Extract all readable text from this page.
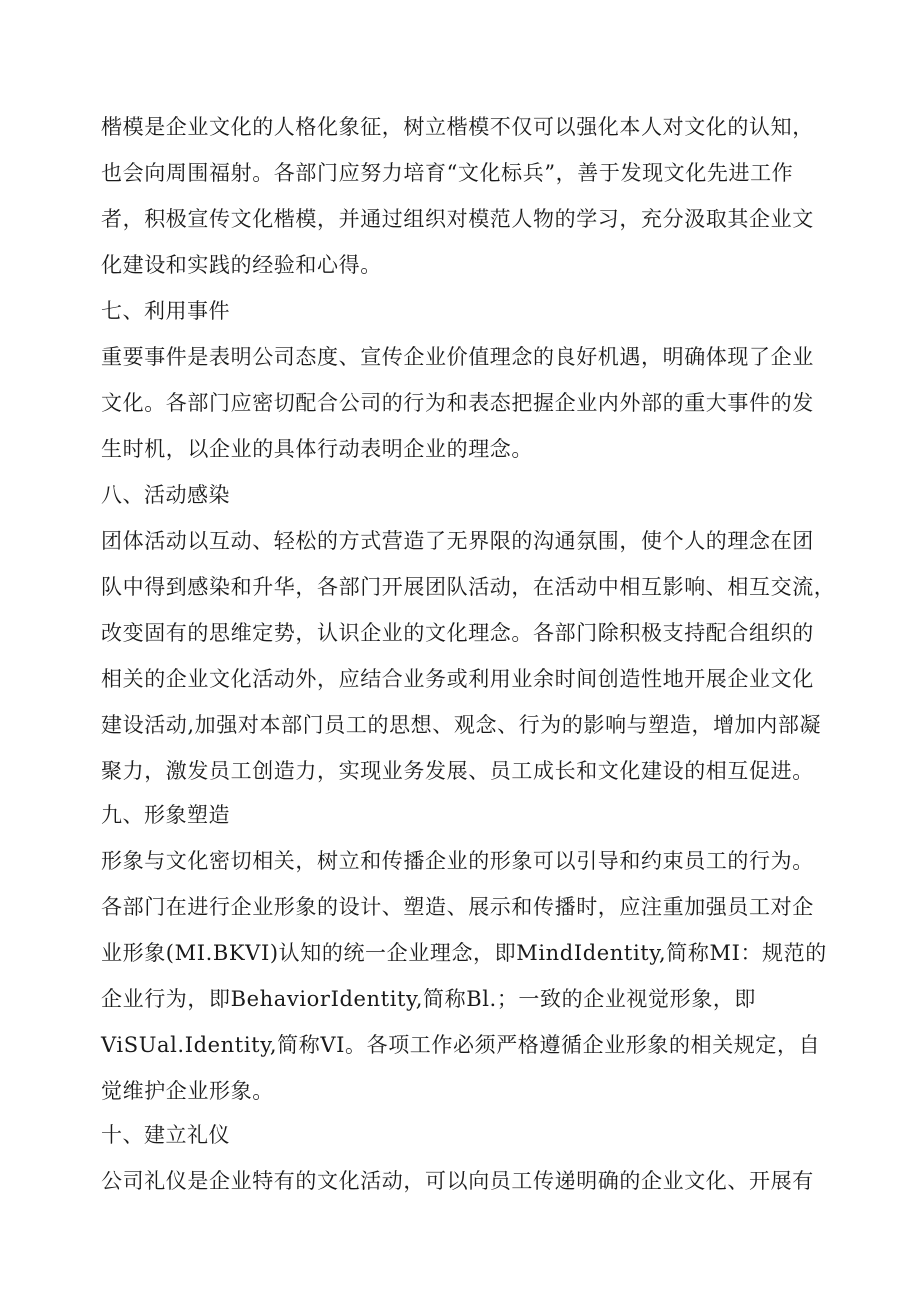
楷模是企业文化的人格化象征，树立楷模不仅可以强化本人对文化的认知，
也会向周围福射。各部门应努力培育“文化标兵”，善于发现文化先进工作
者，积极宣传文化楷模，并通过组织对模范人物的学习，充分汲取其企业文
化建设和实践的经验和心得。
七、利用事件
重要事件是表明公司态度、宣传企业价值理念的良好机遇，明确体现了企业
文化。各部门应密切配合公司的行为和表态把握企业内外部的重大事件的发
生时机，以企业的具体行动表明企业的理念。
八、活动感染
团体活动以互动、轻松的方式营造了无界限的沟通氛围，使个人的理念在团
队中得到感染和升华，各部门开展团队活动，在活动中相互影响、相互交流，
改变固有的思维定势，认识企业的文化理念。各部门除积极支持配合组织的
相关的企业文化活动外，应结合业务或利用业余时间创造性地开展企业文化
建设活动,加强对本部门员工的思想、观念、行为的影响与塑造，增加内部凝
聚力，激发员工创造力，实现业务发展、员工成长和文化建设的相互促进。
九、形象塑造
形象与文化密切相关，树立和传播企业的形象可以引导和约束员工的行为。
各部门在进行企业形象的设计、塑造、展示和传播时，应注重加强员工对企
业形象(MI.BKVI)认知的统一企业理念，即MindIdentity,简称MI：规范的
企业行为，即BehaviorIdentity,简称Bl.；一致的企业视觉形象，即
ViSUal.Identity,简称VI。各项工作必须严格遵循企业形象的相关规定，自
觉维护企业形象。
十、建立礼仪
公司礼仪是企业特有的文化活动，可以向员工传递明确的企业文化、开展有
